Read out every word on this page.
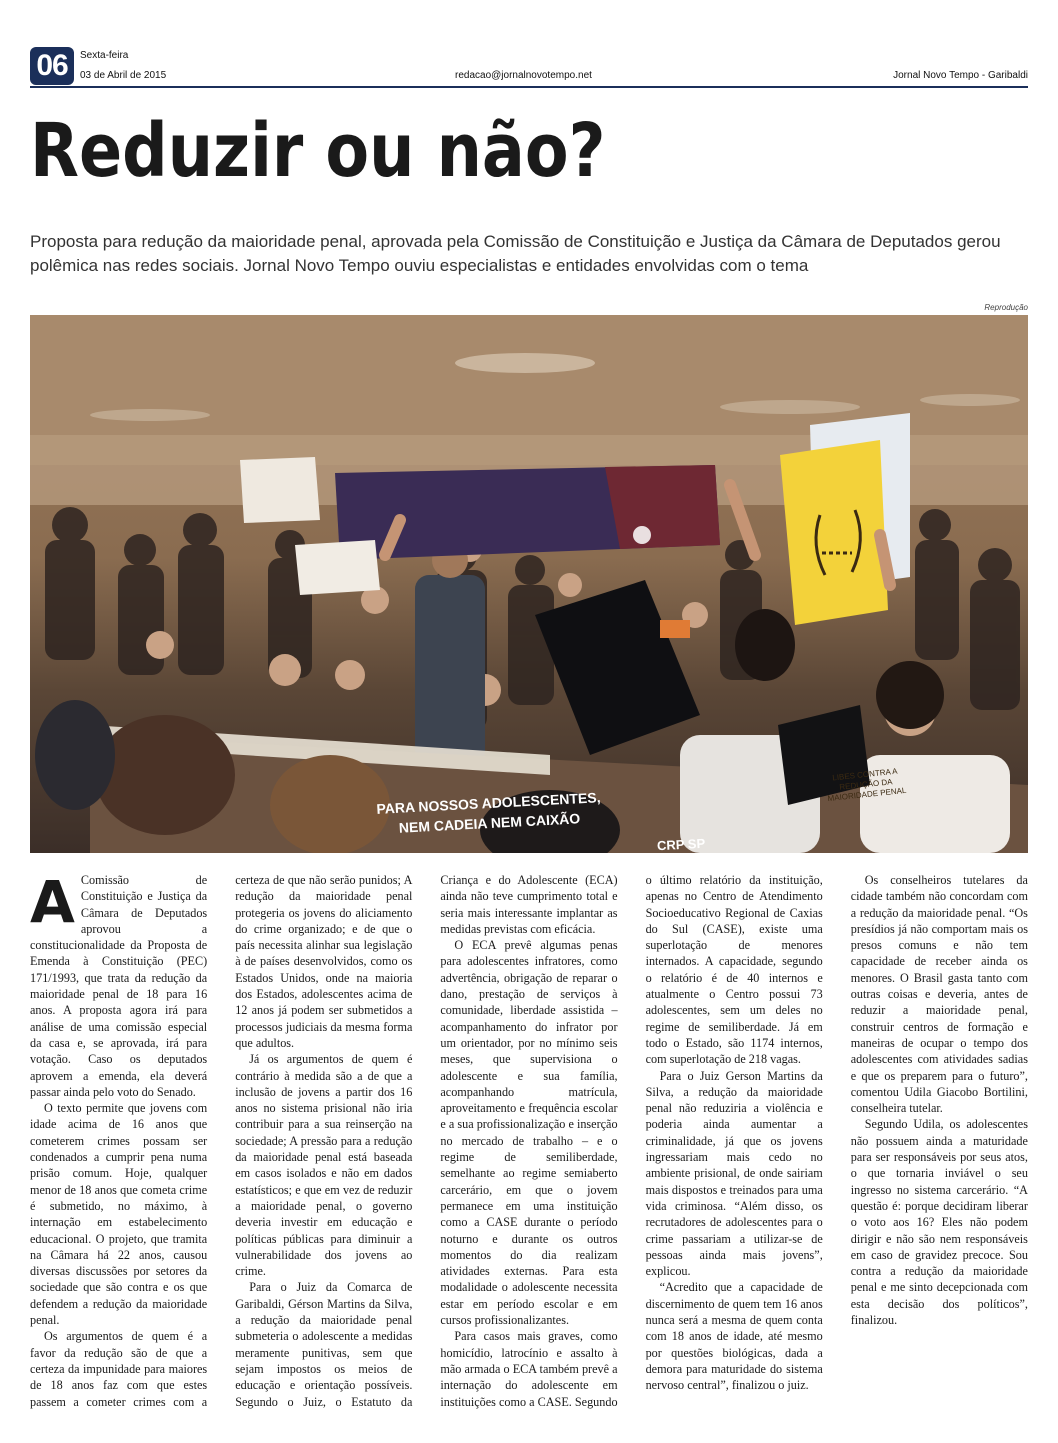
06	Sexta-feira
03 de Abril de 2015	redacao@jornalnovotempo.net	Jornal Novo Tempo - Garibaldi
Reduzir ou não?

Proposta para redução da maioridade penal, aprovada pela Comissão de Constituição e Justiça da Câmara de Deputados gerou polêmica nas redes sociais. Jornal Novo Tempo ouviu especialistas e entidades envolvidas com o tema

Reprodução
PARA NOSSOS ADOLESCENTES, NEM CADEIA NEM CAIXÃO
CRP SP
LIBES CONTRA A REDUÇÃO DA MAIORIDADE PENAL

A Comissão de Constituição e Justiça da Câmara de Deputados aprovou a constitucionalidade da Proposta de Emenda à Constituição (PEC) 171/1993, que trata da redução da maioridade penal de 18 para 16 anos. A proposta agora irá para análise de uma comissão especial da casa e, se aprovada, irá para votação. Caso os deputados aprovem a emenda, ela deverá passar ainda pelo voto do Senado.

O texto permite que jovens com idade acima de 16 anos que cometerem crimes possam ser condenados a cumprir pena numa prisão comum. Hoje, qualquer menor de 18 anos que cometa crime é submetido, no máximo, à internação em estabelecimento educacional. O projeto, que tramita na Câmara há 22 anos, causou diversas discussões por setores da sociedade que são contra e os que defendem a redução da maioridade penal.

Os argumentos de quem é a favor da redução são de que a certeza da impunidade para maiores de 18 anos faz com que estes passem a cometer crimes com a certeza de que não serão punidos; A redução da maioridade penal protegeria os jovens do aliciamento do crime organizado; e de que o país necessita alinhar sua legislação à de países desenvolvidos, como os Estados Unidos, onde na maioria dos Estados, adolescentes acima de 12 anos já podem ser submetidos a processos judiciais da mesma forma que adultos.

Já os argumentos de quem é contrário à medida são a de que a inclusão de jovens a partir dos 16 anos no sistema prisional não iria contribuir para a sua reinserção na sociedade; A pressão para a redução da maioridade penal está baseada em casos isolados e não em dados estatísticos; e que em vez de reduzir a maioridade penal, o governo deveria investir em educação e políticas públicas para diminuir a vulnerabilidade dos jovens ao crime.

Para o Juiz da Comarca de Garibaldi, Gérson Martins da Silva, a redução da maioridade penal submeteria o adolescente a medidas meramente punitivas, sem que sejam impostos os meios de educação e orientação possíveis. Segundo o Juiz, o Estatuto da Criança e do Adolescente (ECA) ainda não teve cumprimento total e seria mais interessante implantar as medidas previstas com eficácia.

O ECA prevê algumas penas para adolescentes infratores, como advertência, obrigação de reparar o dano, prestação de serviços à comunidade, liberdade assistida – acompanhamento do infrator por um orientador, por no mínimo seis meses, que supervisiona o adolescente e sua família, acompanhando matrícula, aproveitamento e frequência escolar e a sua profissionalização e inserção no mercado de trabalho – e o regime de semiliberdade, semelhante ao regime semiaberto carcerário, em que o jovem permanece em uma instituição como a CASE durante o período noturno e durante os outros momentos do dia realizam atividades externas. Para esta modalidade o adolescente necessita estar em período escolar e em cursos profissionalizantes.

Para casos mais graves, como homicídio, latrocínio e assalto à mão armada o ECA também prevê a internação do adolescente em instituições como a CASE. Segundo o último relatório da instituição, apenas no Centro de Atendimento Socioeducativo Regional de Caxias do Sul (CASE), existe uma superlotação de menores internados. A capacidade, segundo o relatório é de 40 internos e atualmente o Centro possui 73 adolescentes, sem um deles no regime de semiliberdade. Já em todo o Estado, são 1174 internos, com superlotação de 218 vagas.

Para o Juiz Gerson Martins da Silva, a redução da maioridade penal não reduziria a violência e poderia ainda aumentar a criminalidade, já que os jovens ingressariam mais cedo no ambiente prisional, de onde sairiam mais dispostos e treinados para uma vida criminosa. “Além disso, os recrutadores de adolescentes para o crime passariam a utilizar-se de pessoas ainda mais jovens”, explicou.

“Acredito que a capacidade de discernimento de quem tem 16 anos nunca será a mesma de quem conta com 18 anos de idade, até mesmo por questões biológicas, dada a demora para maturidade do sistema nervoso central”, finalizou o juiz.

Os conselheiros tutelares da cidade também não concordam com a redução da maioridade penal. “Os presídios já não comportam mais os presos comuns e não tem capacidade de receber ainda os menores. O Brasil gasta tanto com outras coisas e deveria, antes de reduzir a maioridade penal, construir centros de formação e maneiras de ocupar o tempo dos adolescentes com atividades sadias e que os preparem para o futuro”, comentou Udila Giacobo Bortilini, conselheira tutelar.

Segundo Udila, os adolescentes não possuem ainda a maturidade para ser responsáveis por seus atos, o que tornaria inviável o seu ingresso no sistema carcerário. “A questão é: porque decidiram liberar o voto aos 16? Eles não podem dirigir e não são nem responsáveis em caso de gravidez precoce. Sou contra a redução da maioridade penal e me sinto decepcionada com esta decisão dos políticos”, finalizou.
